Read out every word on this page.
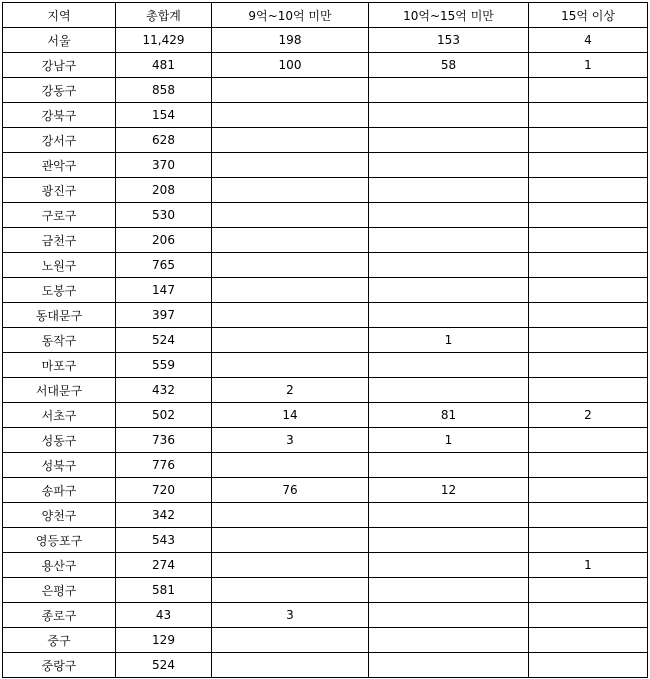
지역	총합계	9억~10억 미만	10억~15억 미만	15억 이상
서울	11,429	198	153	4
강남구	481	100	58	1
강동구	858			
강북구	154			
강서구	628			
관악구	370			
광진구	208			
구로구	530			
금천구	206			
노원구	765			
도봉구	147			
동대문구	397			
동작구	524		1	
마포구	559			
서대문구	432	2		
서초구	502	14	81	2
성동구	736	3	1	
성북구	776			
송파구	720	76	12	
양천구	342			
영등포구	543			
용산구	274			1
은평구	581			
종로구	43	3		
중구	129			
중랑구	524			
